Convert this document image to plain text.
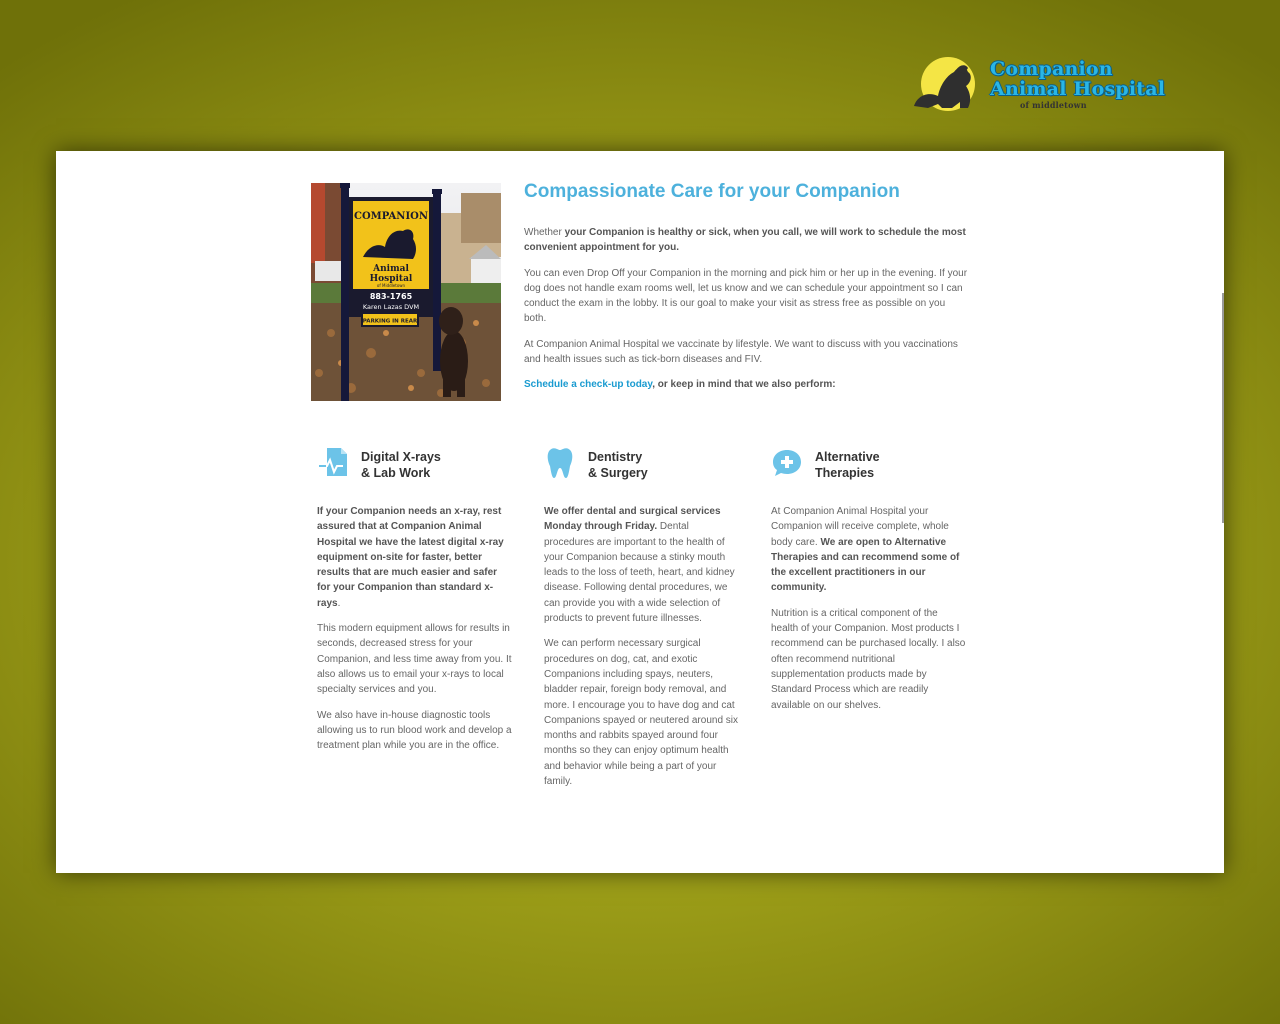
Companion
Animal Hospital
of middletown
COMPANION
Animal
Hospital
of Middletown
883-1765
Karen Lazas DVM
PARKING IN REAR
Compassionate Care for your Companion

Whether your Companion is healthy or sick, when you call, we will work to schedule the most convenient appointment for you.

You can even Drop Off your Companion in the morning and pick him or her up in the evening. If your dog does not handle exam rooms well, let us know and we can schedule your appointment so I can conduct the exam in the lobby. It is our goal to make your visit as stress free as possible on you both.

At Companion Animal Hospital we vaccinate by lifestyle. We want to discuss with you vaccinations and health issues such as tick-born diseases and FIV.

Schedule a check-up today, or keep in mind that we also perform:

Digital X-rays
& Lab Work

If your Companion needs an x-ray, rest assured that at Companion Animal Hospital we have the latest digital x-ray equipment on-site for faster, better results that are much easier and safer for your Companion than standard x-rays.

This modern equipment allows for results in seconds, decreased stress for your Companion, and less time away from you. It also allows us to email your x-rays to local specialty services and you.

We also have in-house diagnostic tools allowing us to run blood work and develop a treatment plan while you are in the office.

Dentistry
& Surgery

We offer dental and surgical services Monday through Friday. Dental procedures are important to the health of your Companion because a stinky mouth leads to the loss of teeth, heart, and kidney disease. Following dental procedures, we can provide you with a wide selection of products to prevent future illnesses.

We can perform necessary surgical procedures on dog, cat, and exotic Companions including spays, neuters, bladder repair, foreign body removal, and more. I encourage you to have dog and cat Companions spayed or neutered around six months and rabbits spayed around four months so they can enjoy optimum health and behavior while being a part of your family.

Alternative
Therapies

At Companion Animal Hospital your Companion will receive complete, whole body care. We are open to Alternative Therapies and can recommend some of the excellent practitioners in our community.

Nutrition is a critical component of the health of your Companion. Most products I recommend can be purchased locally. I also often recommend nutritional supplementation products made by Standard Process which are readily available on our shelves.
